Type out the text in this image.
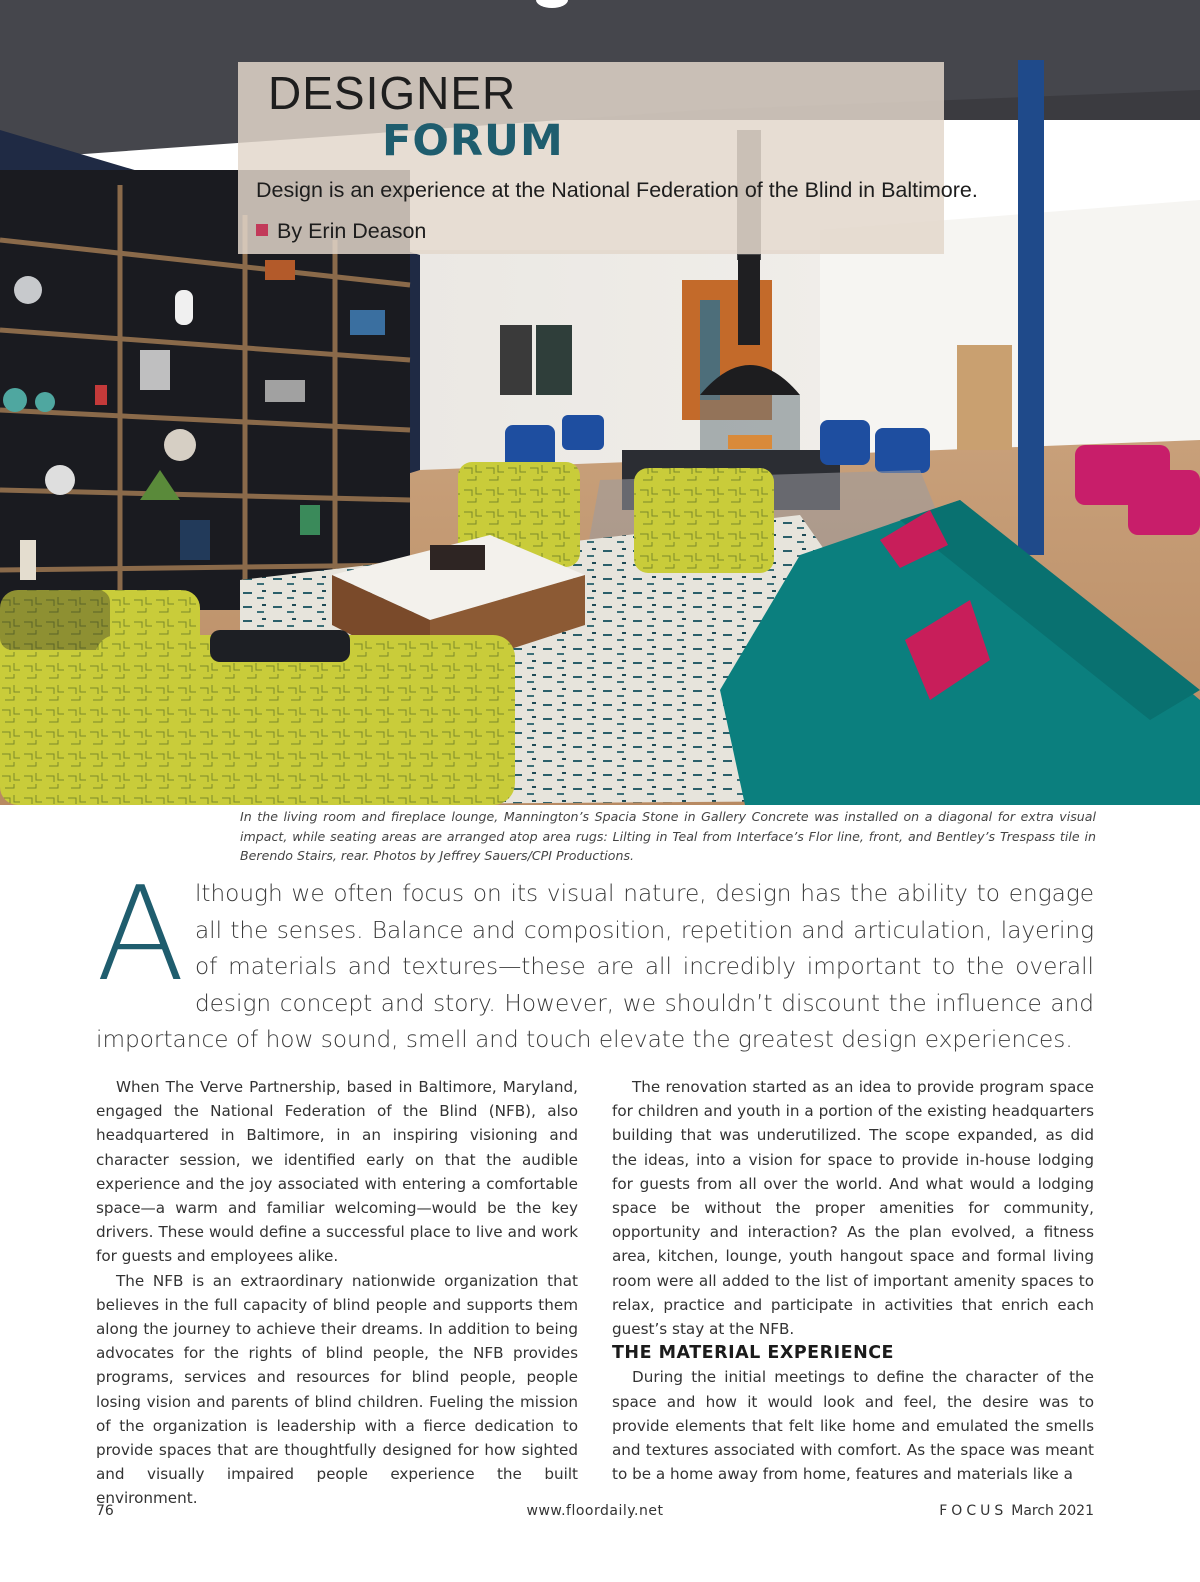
DESIGNER
FORUM
Design is an experience at the National Federation of the Blind in Baltimore.
By Erin Deason
In the living room and fireplace lounge, Mannington’s Spacia Stone in Gallery Concrete was installed on a diagonal for extra visual impact, while seating areas are arranged atop area rugs: Lilting in Teal from Interface’s Flor line, front, and Bentley’s Trespass tile in Berendo Stairs, rear. Photos by Jeffrey Sauers/CPI Productions.
Although we often focus on its visual nature, design has the ability to engage all the senses. Balance and composition, repetition and articulation, layering of materials and textures—these are all incredibly important to the overall design concept and story. However, we shouldn’t discount the influence and importance of how sound, smell and touch elevate the greatest design experiences.

When The Verve Partnership, based in Baltimore, Maryland, engaged the National Federation of the Blind (NFB), also headquartered in Baltimore, in an inspiring visioning and character session, we identified early on that the audible experience and the joy associated with entering a comfortable space—a warm and familiar welcoming—would be the key drivers. These would define a successful place to live and work for guests and employees alike.

The NFB is an extraordinary nationwide organization that believes in the full capacity of blind people and supports them along the journey to achieve their dreams. In addition to being advocates for the rights of blind people, the NFB provides programs, services and resources for blind people, people losing vision and parents of blind children. Fueling the mission of the organization is leadership with a fierce dedication to provide spaces that are thoughtfully designed for how sighted and visually impaired people experience the built environment.

The renovation started as an idea to provide program space for children and youth in a portion of the existing headquarters building that was underutilized. The scope expanded, as did the ideas, into a vision for space to provide in-house lodging for guests from all over the world. And what would a lodging space be without the proper amenities for community, opportunity and interaction? As the plan evolved, a fitness area, kitchen, lounge, youth hangout space and formal living room were all added to the list of important amenity spaces to relax, practice and participate in activities that enrich each guest’s stay at the NFB.

THE MATERIAL EXPERIENCE

During the initial meetings to define the character of the space and how it would look and feel, the desire was to provide elements that felt like home and emulated the smells and textures associated with comfort. As the space was meant to be a home away from home, features and materials like a

76	www.floordaily.net	FOCUS March 2021
